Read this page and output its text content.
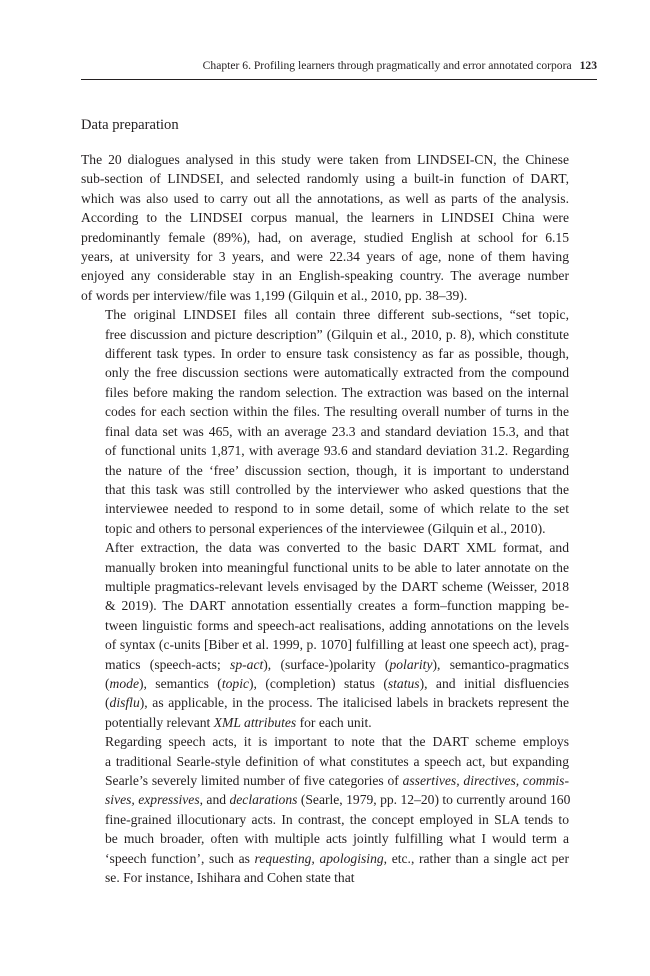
Chapter 6. Profiling learners through pragmatically and error annotated corpora 123
Data preparation

The 20 dialogues analysed in this study were taken from LINDSEI-CN, the Chinese
sub-section of LINDSEI, and selected randomly using a built-in function of DART,
which was also used to carry out all the annotations, as well as parts of the analysis.
According to the LINDSEI corpus manual, the learners in LINDSEI China were
predominantly female (89%), had, on average, studied English at school for 6.15
years, at university for 3 years, and were 22.34 years of age, none of them having
enjoyed any considerable stay in an English-speaking country. The average number
of words per interview/file was 1,199 (Gilquin et al., 2010, pp. 38–39).

The original LINDSEI files all contain three different sub-sections, “set topic,
free discussion and picture description” (Gilquin et al., 2010, p. 8), which constitute
different task types. In order to ensure task consistency as far as possible, though,
only the free discussion sections were automatically extracted from the compound
files before making the random selection. The extraction was based on the internal
codes for each section within the files. The resulting overall number of turns in the
final data set was 465, with an average 23.3 and standard deviation 15.3, and that
of functional units 1,871, with average 93.6 and standard deviation 31.2. Regarding
the nature of the ‘free’ discussion section, though, it is important to understand
that this task was still controlled by the interviewer who asked questions that the
interviewee needed to respond to in some detail, some of which relate to the set
topic and others to personal experiences of the interviewee (Gilquin et al., 2010).

After extraction, the data was converted to the basic DART XML format, and
manually broken into meaningful functional units to be able to later annotate on the
multiple pragmatics-relevant levels envisaged by the DART scheme (Weisser, 2018
& 2019). The DART annotation essentially creates a form–function mapping be-
tween linguistic forms and speech-act realisations, adding annotations on the levels
of syntax (c-units [Biber et al. 1999, p. 1070] fulfilling at least one speech act), prag-
matics (speech-acts; sp-act), (surface-)polarity (polarity), semantico-pragmatics
(mode), semantics (topic), (completion) status (status), and initial disfluencies
(disflu), as applicable, in the process. The italicised labels in brackets represent the
potentially relevant XML attributes for each unit.

Regarding speech acts, it is important to note that the DART scheme employs
a traditional Searle-style definition of what constitutes a speech act, but expanding
Searle’s severely limited number of five categories of assertives, directives, commis-
sives, expressives, and declarations (Searle, 1979, pp. 12–20) to currently around 160
fine-grained illocutionary acts. In contrast, the concept employed in SLA tends to
be much broader, often with multiple acts jointly fulfilling what I would term a
‘speech function’, such as requesting, apologising, etc., rather than a single act per
se. For instance, Ishihara and Cohen state that
